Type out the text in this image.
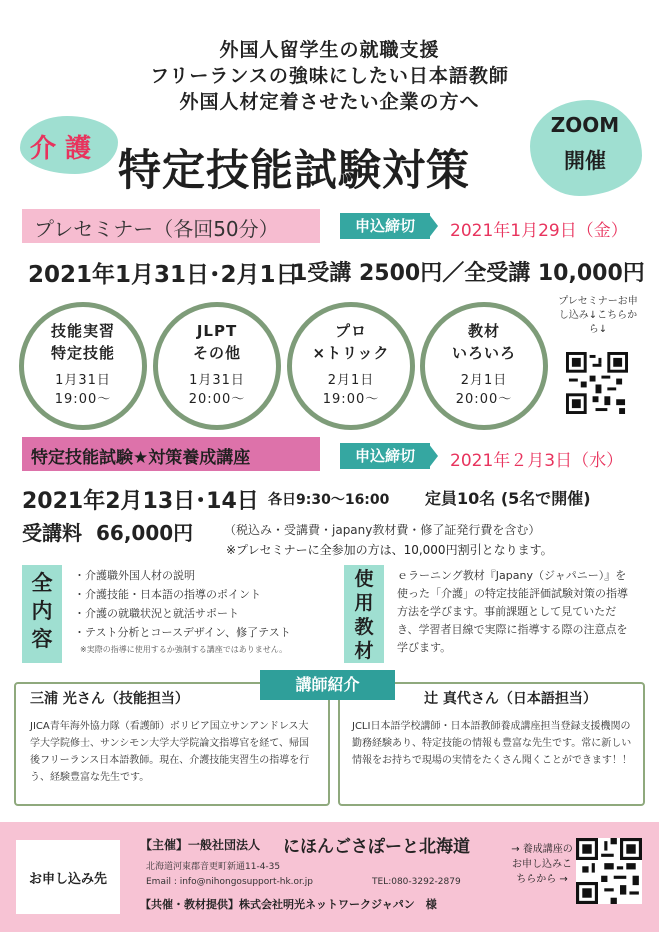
外国人留学生の就職支援
フリーランスの強味にしたい日本語教師
外国人材定着させたい企業の方へ
介 護 特定技能試験対策
ZOOM
開催
プレセミナー（各回50分）	申込締切	2021年1月29日（金）
2021年1月31日･2月1日
1受講 2500円／全受講 10,000円
技能実習
特定技能
1月31日
19:00～
JLPT
その他
1月31日
20:00～
プロ
×トリック
2月1日
19:00～
教材
いろいろ
2月1日
20:00～
プレセミナーお申し込み↓こちらから↓
特定技能試験★対策養成講座	申込締切	2021年２月3日（水）
2021年2月13日･14日 各日9:30～16:00 定員10名 (5名で開催)
受講料 66,000円	（税込み・受講費・japany教材費・修了証発行費を含む）
※プレセミナーに全参加の方は、10,000円割引となります。
全内容
・介護職外国人材の説明
・介護技能・日本語の指導のポイント
・介護の就職状況と就活サポート
・テスト分析とコースデザイン、修了テスト
※実際の指導に使用するか強制する講座ではありません。
使用教材
ｅラーニング教材『Japany（ジャパニー）』を使った「介護」の特定技能評価試験対策の指導方法を学びます。事前課題として見ていただき、学習者目線で実際に指導する際の注意点を学びます。
講師紹介
三浦 光さん（技能担当）
JICA青年海外協力隊（看護師）ボリビア国立サンアンドレス大学大学院修士、サンシモン大学大学院論文指導官を経て、帰国後フリーランス日本語教師。現在、介護技能実習生の指導を行う、経験豊富な先生です。
辻 真代さん（日本語担当）
JCLI日本語学校講師・日本語教師養成講座担当登録支援機関の勤務経験あり、特定技能の情報も豊富な先生です。常に新しい情報をお持ちで現場の実情をたくさん聞くことができます！！
お申し込み先
【主催】一般社団法人 にほんごさぽーと北海道
北海道河東郡音更町新通11-4-35
Email : info@nihongosupport-hk.or.jp	TEL:080-3292-2879
【共催・教材提供】株式会社明光ネットワークジャパン　様
→ 養成講座のお申し込みこちらから →
